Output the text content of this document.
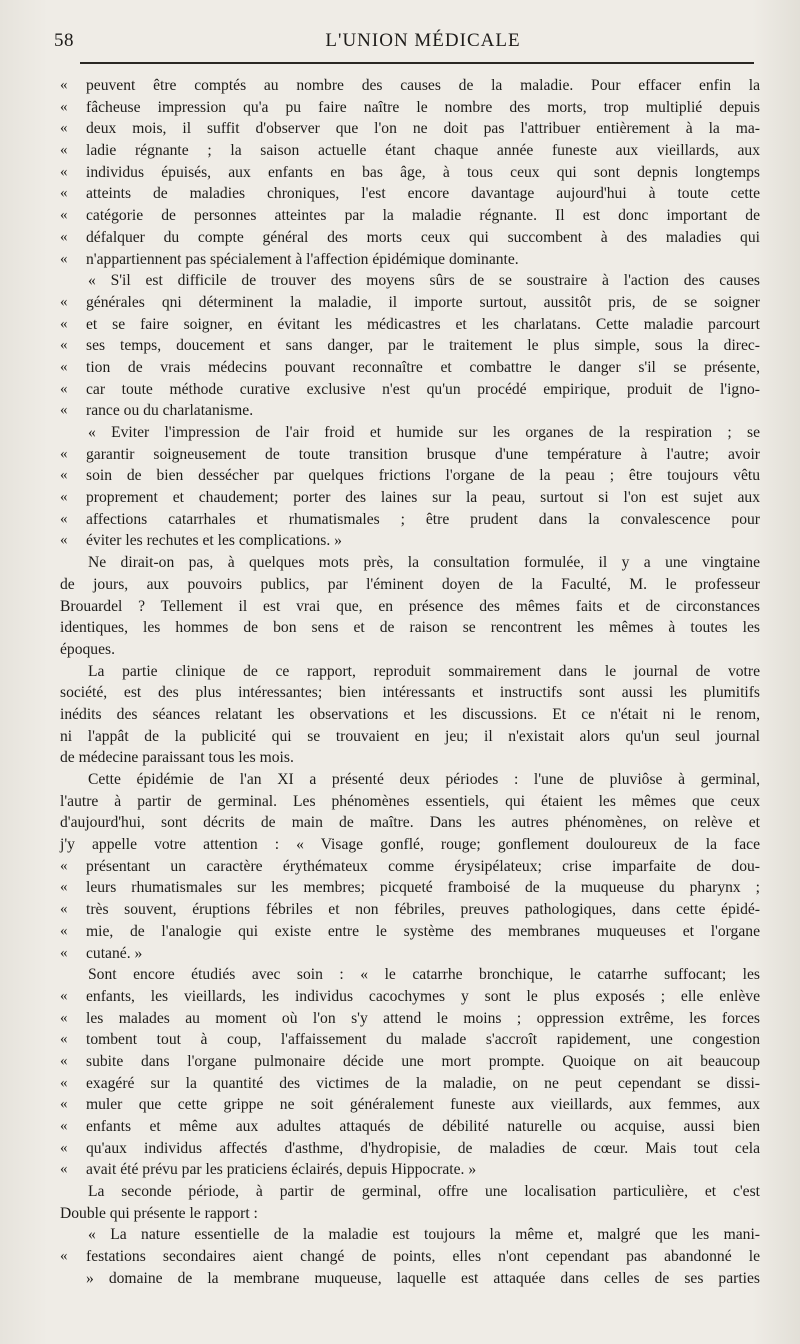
58	L'UNION MÉDICALE
« peuvent être comptés au nombre des causes de la maladie. Pour effacer enfin la
« fâcheuse impression qu'a pu faire naître le nombre des morts, trop multiplié depuis
« deux mois, il suffit d'observer que l'on ne doit pas l'attribuer entièrement à la ma-
« ladie régnante ; la saison actuelle étant chaque année funeste aux vieillards, aux
« individus épuisés, aux enfants en bas âge, à tous ceux qui sont depnis longtemps
« atteints de maladies chroniques, l'est encore davantage aujourd'hui à toute cette
« catégorie de personnes atteintes par la maladie régnante. Il est donc important de
« défalquer du compte général des morts ceux qui succombent à des maladies qui
« n'appartiennent pas spécialement à l'affection épidémique dominante.
« S'il est difficile de trouver des moyens sûrs de se soustraire à l'action des causes
« générales qni déterminent la maladie, il importe surtout, aussitôt pris, de se soigner
« et se faire soigner, en évitant les médicastres et les charlatans. Cette maladie parcourt
« ses temps, doucement et sans danger, par le traitement le plus simple, sous la direc-
« tion de vrais médecins pouvant reconnaître et combattre le danger s'il se présente,
« car toute méthode curative exclusive n'est qu'un procédé empirique, produit de l'igno-
« rance ou du charlatanisme.
« Eviter l'impression de l'air froid et humide sur les organes de la respiration ; se
« garantir soigneusement de toute transition brusque d'une température à l'autre; avoir
« soin de bien dessécher par quelques frictions l'organe de la peau ; être toujours vêtu
« proprement et chaudement; porter des laines sur la peau, surtout si l'on est sujet aux
« affections catarrhales et rhumatismales ; être prudent dans la convalescence pour
« éviter les rechutes et les complications. »
Ne dirait-on pas, à quelques mots près, la consultation formulée, il y a une vingtaine
de jours, aux pouvoirs publics, par l'éminent doyen de la Faculté, M. le professeur
Brouardel ? Tellement il est vrai que, en présence des mêmes faits et de circonstances
identiques, les hommes de bon sens et de raison se rencontrent les mêmes à toutes les
époques.
La partie clinique de ce rapport, reproduit sommairement dans le journal de votre
société, est des plus intéressantes; bien intéressants et instructifs sont aussi les plumitifs
inédits des séances relatant les observations et les discussions. Et ce n'était ni le renom,
ni l'appât de la publicité qui se trouvaient en jeu; il n'existait alors qu'un seul journal
de médecine paraissant tous les mois.
Cette épidémie de l'an XI a présenté deux périodes : l'une de pluviôse à germinal,
l'autre à partir de germinal. Les phénomènes essentiels, qui étaient les mêmes que ceux
d'aujourd'hui, sont décrits de main de maître. Dans les autres phénomènes, on relève et
j'y appelle votre attention : « Visage gonflé, rouge; gonflement douloureux de la face
« présentant un caractère érythémateux comme érysipélateux; crise imparfaite de dou-
« leurs rhumatismales sur les membres; picqueté framboisé de la muqueuse du pharynx ;
« très souvent, éruptions fébriles et non fébriles, preuves pathologiques, dans cette épidé-
« mie, de l'analogie qui existe entre le système des membranes muqueuses et l'organe
« cutané. »
Sont encore étudiés avec soin : « le catarrhe bronchique, le catarrhe suffocant; les
« enfants, les vieillards, les individus cacochymes y sont le plus exposés ; elle enlève
« les malades au moment où l'on s'y attend le moins ; oppression extrême, les forces
« tombent tout à coup, l'affaissement du malade s'accroît rapidement, une congestion
« subite dans l'organe pulmonaire décide une mort prompte. Quoique on ait beaucoup
« exagéré sur la quantité des victimes de la maladie, on ne peut cependant se dissi-
« muler que cette grippe ne soit généralement funeste aux vieillards, aux femmes, aux
« enfants et même aux adultes attaqués de débilité naturelle ou acquise, aussi bien
« qu'aux individus affectés d'asthme, d'hydropisie, de maladies de cœur. Mais tout cela
« avait été prévu par les praticiens éclairés, depuis Hippocrate. »
La seconde période, à partir de germinal, offre une localisation particulière, et c'est
Double qui présente le rapport :
« La nature essentielle de la maladie est toujours la même et, malgré que les mani-
« festations secondaires aient changé de points, elles n'ont cependant pas abandonné le
» domaine de la membrane muqueuse, laquelle est attaquée dans celles de ses parties
